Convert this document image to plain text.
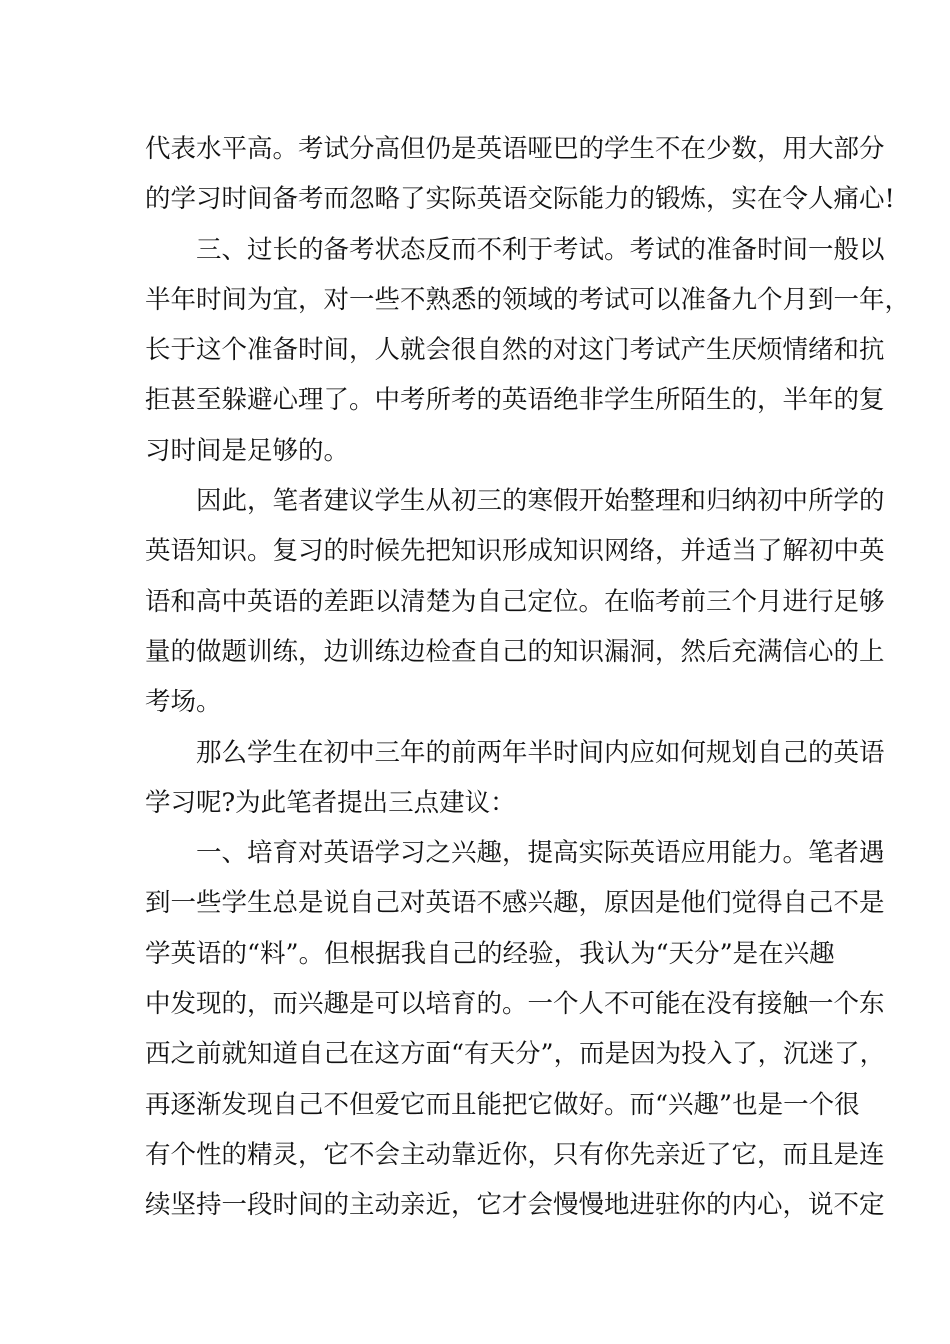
代表水平高。考试分高但仍是英语哑巴的学生不在少数，用大部分
的学习时间备考而忽略了实际英语交际能力的锻炼，实在令人痛心!
三、过长的备考状态反而不利于考试。考试的准备时间一般以
半年时间为宜，对一些不熟悉的领域的考试可以准备九个月到一年，
长于这个准备时间，人就会很自然的对这门考试产生厌烦情绪和抗
拒甚至躲避心理了。中考所考的英语绝非学生所陌生的，半年的复
习时间是足够的。
因此，笔者建议学生从初三的寒假开始整理和归纳初中所学的
英语知识。复习的时候先把知识形成知识网络，并适当了解初中英
语和高中英语的差距以清楚为自己定位。在临考前三个月进行足够
量的做题训练，边训练边检查自己的知识漏洞，然后充满信心的上
考场。
那么学生在初中三年的前两年半时间内应如何规划自己的英语
学习呢?为此笔者提出三点建议：
一、培育对英语学习之兴趣，提高实际英语应用能力。笔者遇
到一些学生总是说自己对英语不感兴趣，原因是他们觉得自己不是
学英语的“料”。但根据我自己的经验，我认为“天分”是在兴趣
中发现的，而兴趣是可以培育的。一个人不可能在没有接触一个东
西之前就知道自己在这方面“有天分”，而是因为投入了，沉迷了，
再逐渐发现自己不但爱它而且能把它做好。而“兴趣”也是一个很
有个性的精灵，它不会主动靠近你，只有你先亲近了它，而且是连
续坚持一段时间的主动亲近，它才会慢慢地进驻你的内心，说不定
